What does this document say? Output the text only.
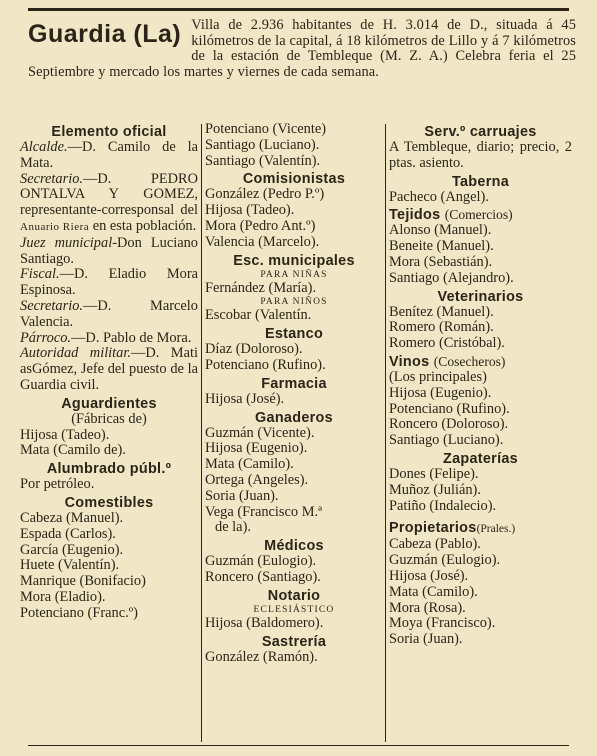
Guardia (La) Villa de 2.936 habitantes de H. 3.014 de D., situada á 45 kilómetros de la capital, á 18 kilómetros de Lillo y á 7 kilómetros de la estación de Tembleque (M. Z. A.) Celebra feria el 25 Septiembre y mercado los martes y viernes de cada semana.
Elemento oficial
Alcalde.—D. Camilo de la Mata.
Secretario.—D. PEDRO ONTALVA Y GOMEZ, representante-corresponsal del Anuario Riera en esta población.
Juez municipal-Don Luciano Santiago.
Fiscal.—D. Eladio Mora Espinosa.
Secretario.—D. Marcelo Valencia.
Párroco.—D. Pablo de Mora.
Autoridad militar.—D. Mati asGómez, Jefe del puesto de la Guardia civil.
Aguardientes
(Fábricas de)
Hijosa (Tadeo).
Mata (Camilo de).
Alumbrado públ.º
Por petróleo.
Comestibles
Cabeza (Manuel).
Espada (Carlos).
García (Eugenio).
Huete (Valentín).
Manrique (Bonifacio)
Mora (Eladio).
Potenciano (Franc.º)
Potenciano (Vicente)
Santiago (Luciano).
Santiago (Valentín).
Comisionistas
González (Pedro P.º)
Hijosa (Tadeo).
Mora (Pedro Ant.º)
Valencia (Marcelo).
Esc. municipales
PARA NIÑAS
Fernández (María).
PARA NIÑOS
Escobar (Valentín.
Estanco
Díaz (Doloroso).
Potenciano (Rufino).
Farmacia
Hijosa (José).
Ganaderos
Guzmán (Vicente).
Hijosa (Eugenio).
Mata (Camilo).
Ortega (Angeles).
Soria (Juan).
Vega (Francisco M.ª
de la).
Médicos
Guzmán (Eulogio).
Roncero (Santiago).
Notario
ECLESIÁSTICO
Hijosa (Baldomero).
Sastrería
González (Ramón).
Serv.º carruajes
A Tembleque, diario; precio, 2 ptas. asiento.
Taberna
Pacheco (Angel).
Tejidos (Comercios)
Alonso (Manuel).
Beneite (Manuel).
Mora (Sebastián).
Santiago (Alejandro).
Veterinarios
Benítez (Manuel).
Romero (Román).
Romero (Cristóbal).
Vinos (Cosecheros)
(Los principales)
Hijosa (Eugenio).
Potenciano (Rufino).
Roncero (Doloroso).
Santiago (Luciano).
Zapaterías
Dones (Felipe).
Muñoz (Julián).
Patiño (Indalecio).
Propietarios(Prales.)
Cabeza (Pablo).
Guzmán (Eulogio).
Hijosa (José).
Mata (Camilo).
Mora (Rosa).
Moya (Francisco).
Soria (Juan).
